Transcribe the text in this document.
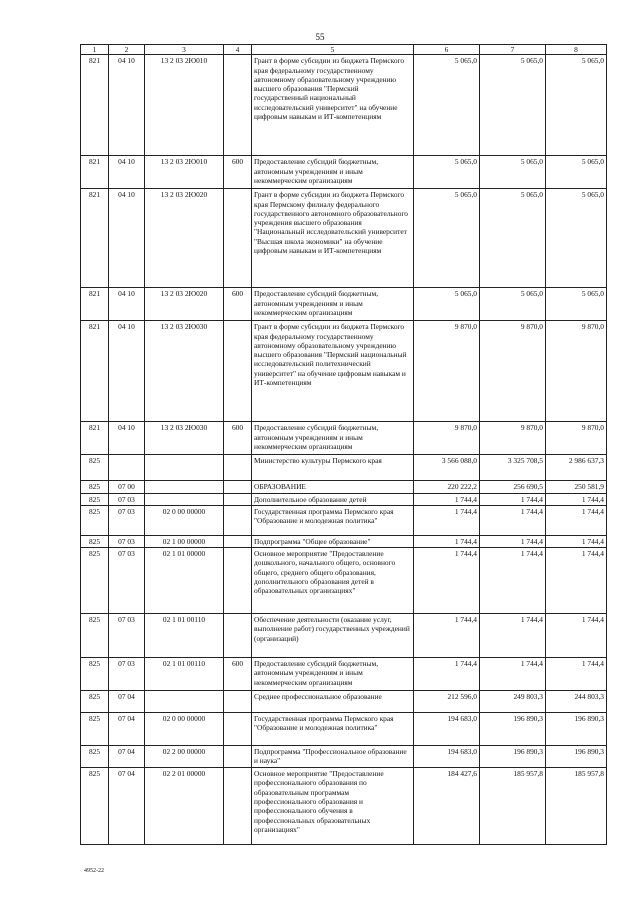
55
1	2	3	4	5	6	7	8
821	04 10	13 2 03 2Ю010		Грант в форме субсидии из бюджета Пермского края федеральному государственному автономному образовательному учреждению высшего образования "Пермский государственный национальный исследовательский университет" на обучение цифровым навыкам и ИТ-компетенциям	5 065,0	5 065,0	5 065,0
821	04 10	13 2 03 2Ю010	600	Предоставление субсидий бюджетным, автономным учреждениям и иным некоммерческим организациям	5 065,0	5 065,0	5 065,0
821	04 10	13 2 03 2Ю020		Грант в форме субсидии из бюджета Пермского края Пермскому филиалу федерального государственного автономного образовательного учреждения высшего образования "Национальный исследовательский университет "Высшая школа экономики" на обучение цифровым навыкам и ИТ-компетенциям	5 065,0	5 065,0	5 065,0
821	04 10	13 2 03 2Ю020	600	Предоставление субсидий бюджетным, автономным учреждениям и иным некоммерческим организациям	5 065,0	5 065,0	5 065,0
821	04 10	13 2 03 2Ю030		Грант в форме субсидии из бюджета Пермского края федеральному государственному автономному образовательному учреждению высшего образования "Пермский национальный исследовательский политехнический университет" на обучение цифровым навыкам и ИТ-компетенциям	9 870,0	9 870,0	9 870,0
821	04 10	13 2 03 2Ю030	600	Предоставление субсидий бюджетным, автономным учреждениям и иным некоммерческим организациям	9 870,0	9 870,0	9 870,0
825				Министерство культуры Пермского края	3 566 088,0	3 325 708,5	2 986 637,3
825	07 00			ОБРАЗОВАНИЕ	220 222,2	256 690,5	250 581,9
825	07 03			Дополнительное образование детей	1 744,4	1 744,4	1 744,4
825	07 03	02 0 00 00000		Государственная программа Пермского края "Образование и молодежная политика"	1 744,4	1 744,4	1 744,4
825	07 03	02 1 00 00000		Подпрограмма "Общее образование"	1 744,4	1 744,4	1 744,4
825	07 03	02 1 01 00000		Основное мероприятие "Предоставление дошкольного, начального общего, основного общего, среднего общего образования, дополнительного образования детей в образовательных организациях"	1 744,4	1 744,4	1 744,4
825	07 03	02 1 01 00110		Обеспечение деятельности (оказание услуг, выполнение работ) государственных учреждений (организаций)	1 744,4	1 744,4	1 744,4
825	07 03	02 1 01 00110	600	Предоставление субсидий бюджетным, автономным учреждениям и иным некоммерческим организациям	1 744,4	1 744,4	1 744,4
825	07 04			Среднее профессиональное образование	212 596,0	249 803,3	244 803,3
825	07 04	02 0 00 00000		Государственная программа Пермского края "Образование и молодежная политика"	194 683,0	196 890,3	196 890,3
825	07 04	02 2 00 00000		Подпрограмма "Профессиональное образование и наука"	194 683,0	196 890,3	196 890,3
825	07 04	02 2 01 00000		Основное мероприятие "Предоставление профессионального образования по образовательным программам профессионального образования и профессионального обучения в профессиональных образовательных организациях"	184 427,6	185 957,8	185 957,8
4952-22
